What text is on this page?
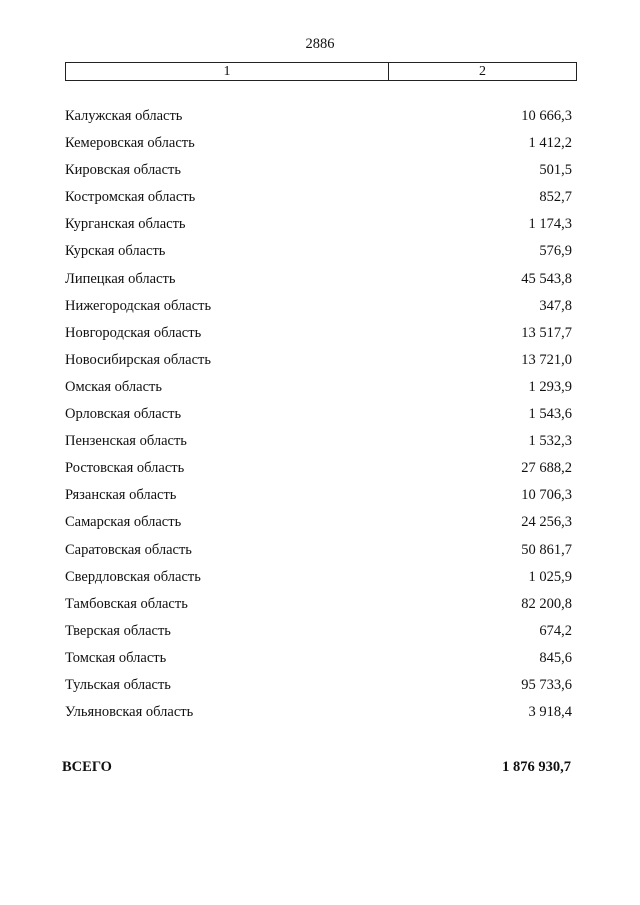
2886
1	2
Калужская область	10 666,3
Кемеровская область	1 412,2
Кировская область	501,5
Костромская область	852,7
Курганская область	1 174,3
Курская область	576,9
Липецкая область	45 543,8
Нижегородская область	347,8
Новгородская область	13 517,7
Новосибирская область	13 721,0
Омская область	1 293,9
Орловская область	1 543,6
Пензенская область	1 532,3
Ростовская область	27 688,2
Рязанская область	10 706,3
Самарская область	24 256,3
Саратовская область	50 861,7
Свердловская область	1 025,9
Тамбовская область	82 200,8
Тверская область	674,2
Томская область	845,6
Тульская область	95 733,6
Ульяновская область	3 918,4
ВСЕГО	1 876 930,7
